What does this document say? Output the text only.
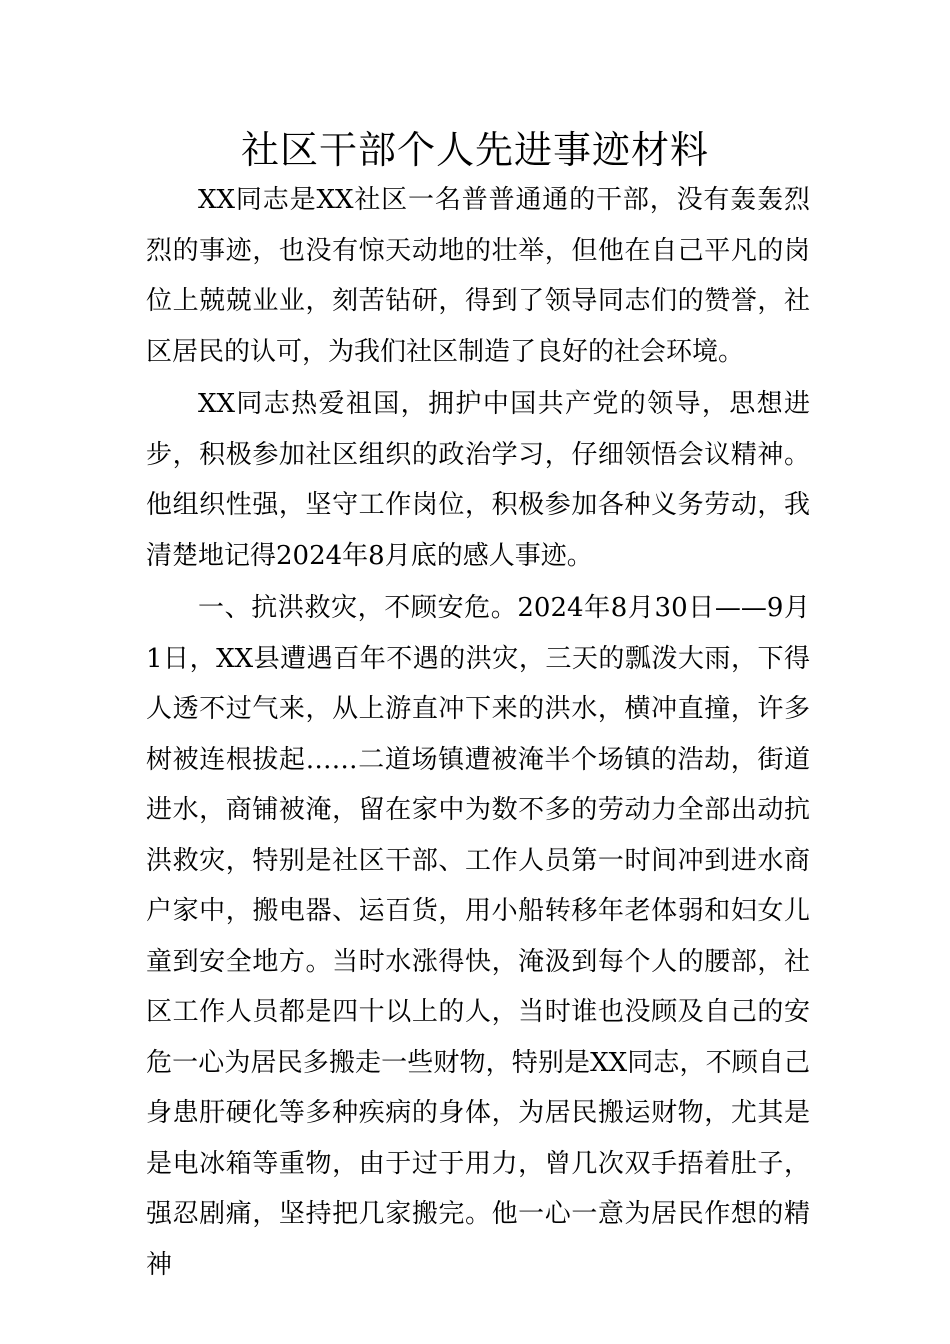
社区干部个人先进事迹材料

XX同志是XX社区一名普普通通的干部，没有轰轰烈烈的事迹，也没有惊天动地的壮举，但他在自己平凡的岗位上兢兢业业，刻苦钻研，得到了领导同志们的赞誉，社区居民的认可，为我们社区制造了良好的社会环境。

XX同志热爱祖国，拥护中国共产党的领导，思想进步，积极参加社区组织的政治学习，仔细领悟会议精神。他组织性强，坚守工作岗位，积极参加各种义务劳动，我清楚地记得2024年8月底的感人事迹。

一、抗洪救灾，不顾安危。2024年8月30日——9月1日，XX县遭遇百年不遇的洪灾，三天的瓢泼大雨，下得人透不过气来，从上游直冲下来的洪水，横冲直撞，许多树被连根拔起……二道场镇遭被淹半个场镇的浩劫，街道进水，商铺被淹，留在家中为数不多的劳动力全部出动抗洪救灾，特别是社区干部、工作人员第一时间冲到进水商户家中，搬电器、运百货，用小船转移年老体弱和妇女儿童到安全地方。当时水涨得快，淹汲到每个人的腰部，社区工作人员都是四十以上的人，当时谁也没顾及自己的安危一心为居民多搬走一些财物，特别是XX同志，不顾自己身患肝硬化等多种疾病的身体，为居民搬运财物，尤其是是电冰箱等重物，由于过于用力，曾几次双手捂着肚子，强忍剧痛，坚持把几家搬完。他一心一意为居民作想的精神
